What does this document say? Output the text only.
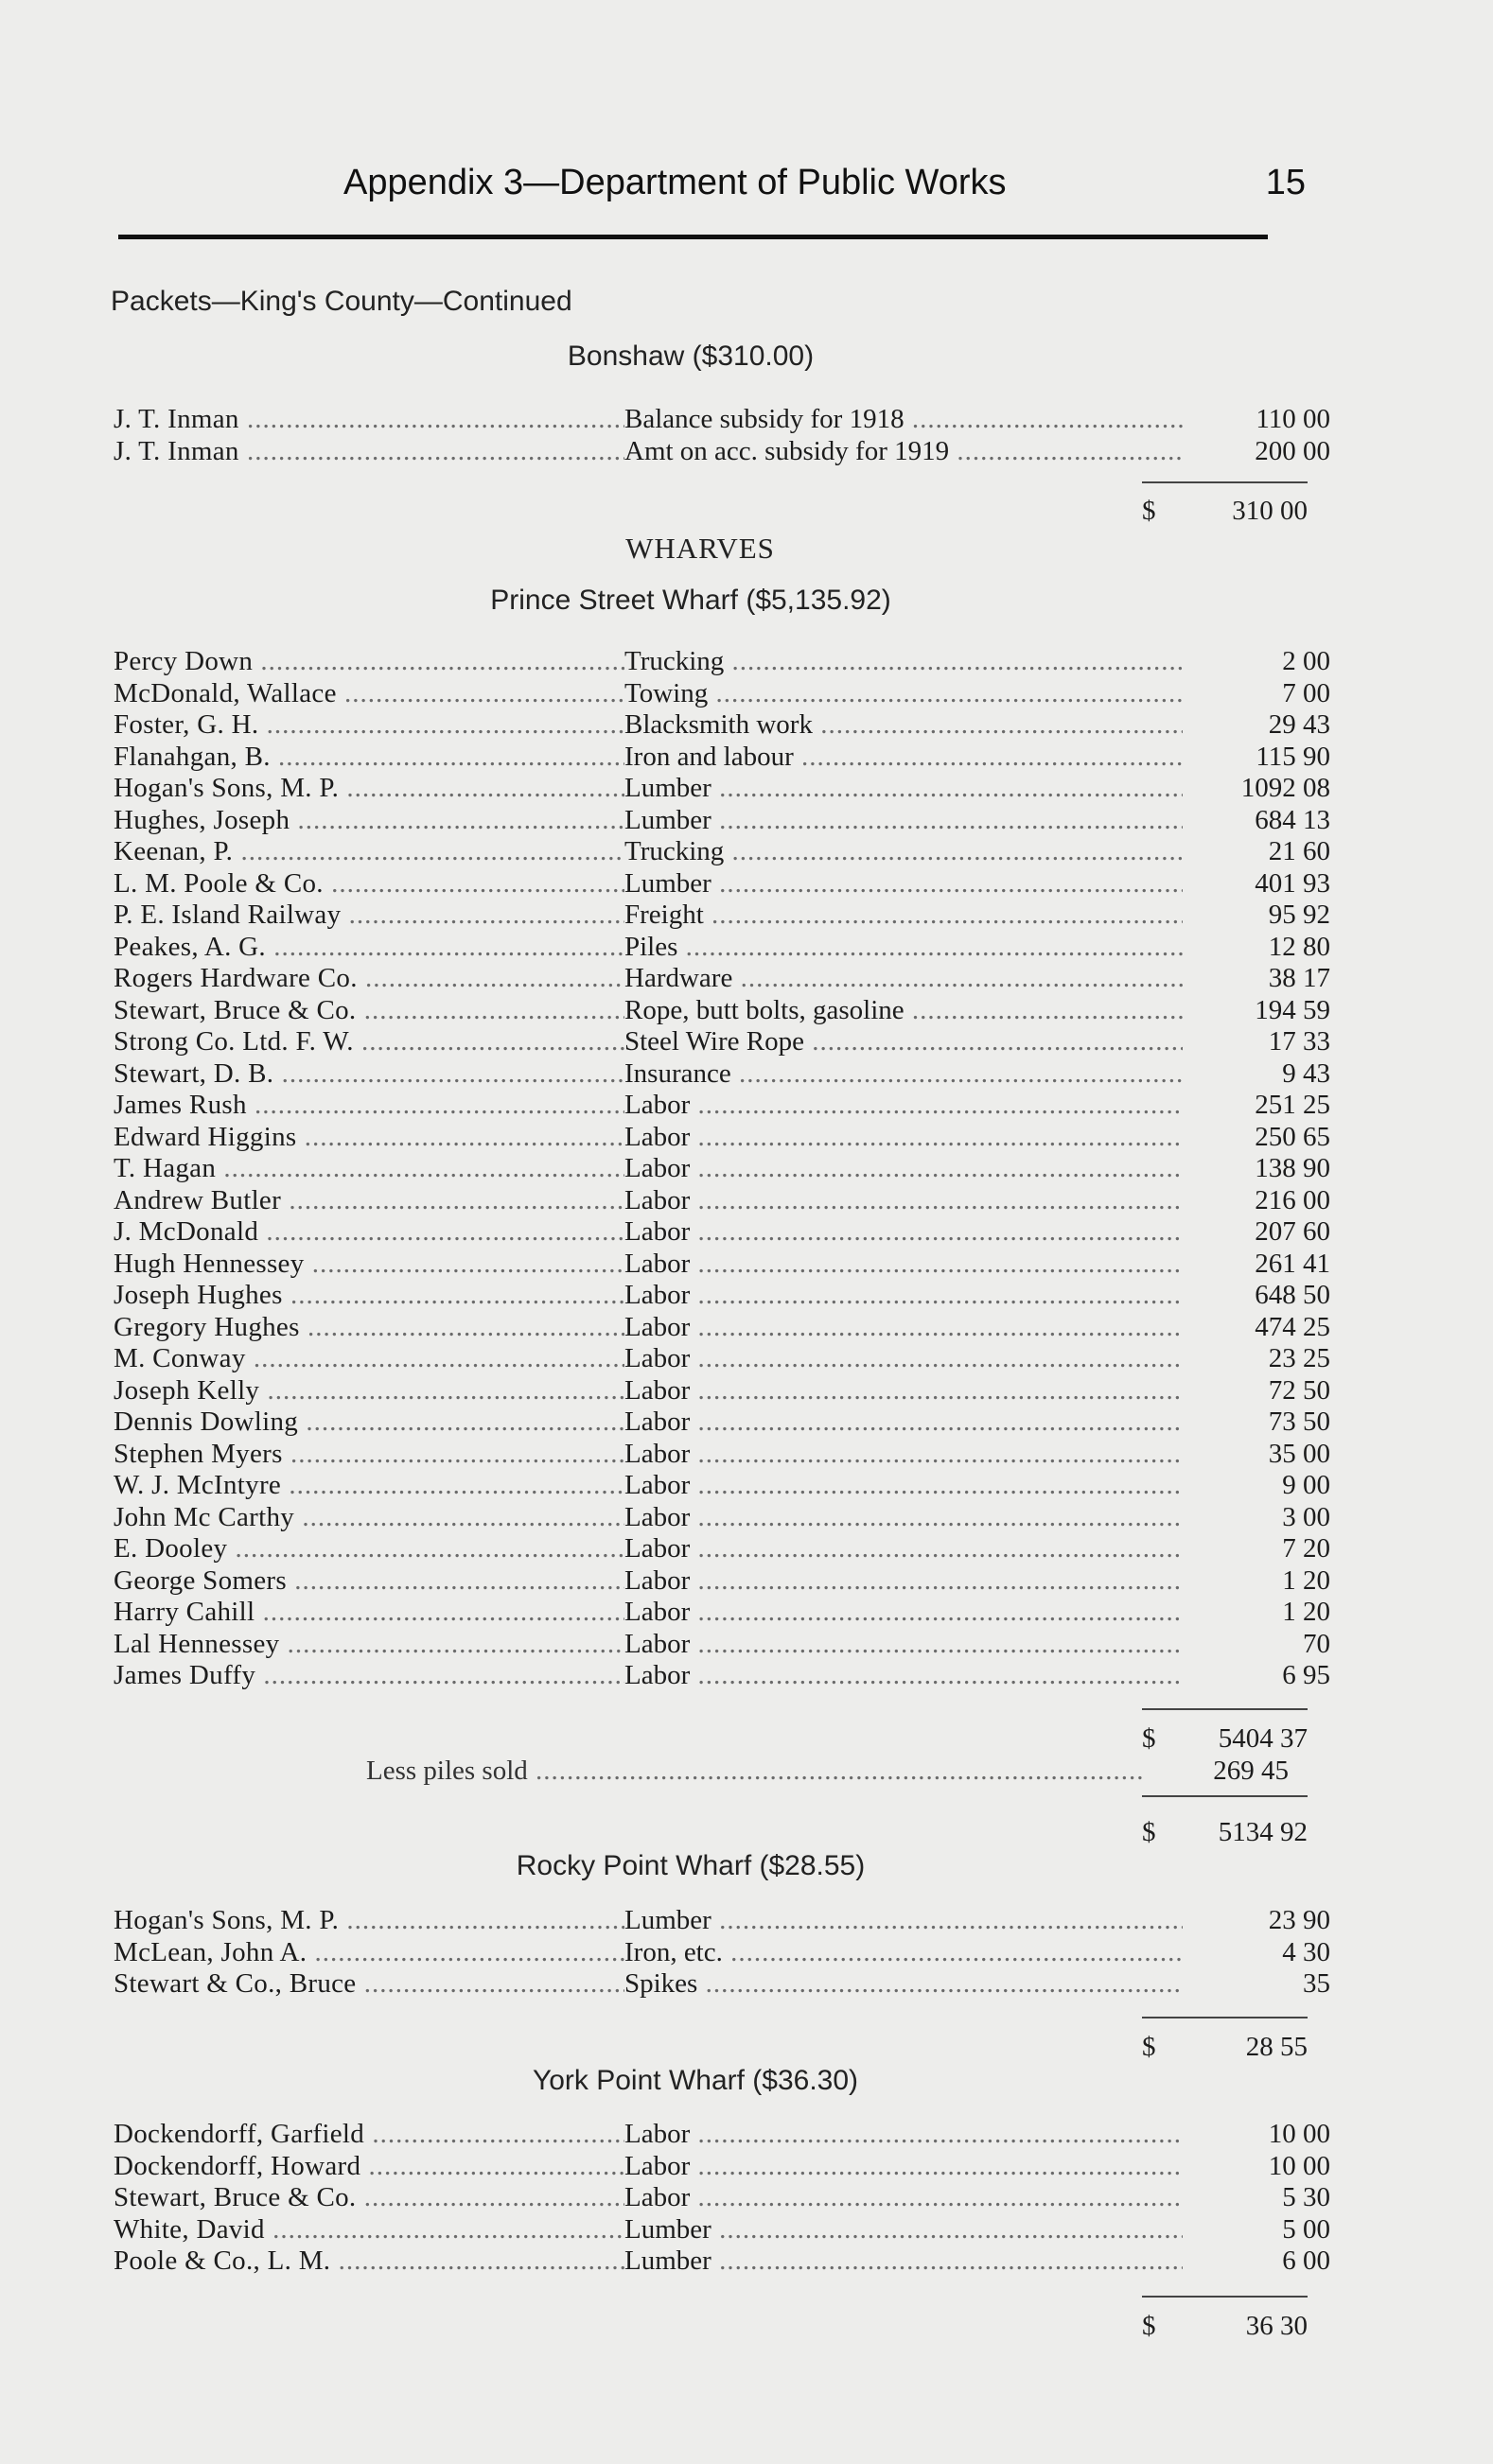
Appendix 3—Department of Public Works	15
Packets—King's County—Continued
Bonshaw ($310.00)
J. T. Inman .....	Balance subsidy for 1918 .....	110 00
J. T. Inman .....	Amt on acc. subsidy for 1919 .....	200 00
$	310 00
WHARVES
Prince Street Wharf ($5,135.92)
Percy Down .....	Trucking .....	2 00
McDonald, Wallace .....	Towing .....	7 00
Foster, G. H. .....	Blacksmith work .....	29 43
Flanahgan, B. .....	Iron and labour .....	115 90
Hogan's Sons, M. P. .....	Lumber .....	1092 08
Hughes, Joseph .....	Lumber .....	684 13
Keenan, P. .....	Trucking .....	21 60
L. M. Poole & Co. .....	Lumber .....	401 93
P. E. Island Railway .....	Freight .....	95 92
Peakes, A. G. .....	Piles .....	12 80
Rogers Hardware Co. .....	Hardware .....	38 17
Stewart, Bruce & Co. .....	Rope, butt bolts, gasoline .....	194 59
Strong Co. Ltd. F. W. .....	Steel Wire Rope .....	17 33
Stewart, D. B. .....	Insurance .....	9 43
James Rush .....	Labor .....	251 25
Edward Higgins .....	Labor .....	250 65
T. Hagan .....	Labor .....	138 90
Andrew Butler .....	Labor .....	216 00
J. McDonald .....	Labor .....	207 60
Hugh Hennessey .....	Labor .....	261 41
Joseph Hughes .....	Labor .....	648 50
Gregory Hughes .....	Labor .....	474 25
M. Conway .....	Labor .....	23 25
Joseph Kelly .....	Labor .....	72 50
Dennis Dowling .....	Labor .....	73 50
Stephen Myers .....	Labor .....	35 00
W. J. McIntyre .....	Labor .....	9 00
John Mc Carthy .....	Labor .....	3 00
E. Dooley .....	Labor .....	7 20
George Somers .....	Labor .....	1 20
Harry Cahill .....	Labor .....	1 20
Lal Hennessey .....	Labor .....	70
James Duffy .....	Labor .....	6 95
$	5404 37
Less piles sold .....	269 45
$	5134 92
Rocky Point Wharf ($28.55)
Hogan's Sons, M. P. .....	Lumber .....	23 90
McLean, John A. .....	Iron, etc. .....	4 30
Stewart & Co., Bruce .....	Spikes .....	35
$	28 55
York Point Wharf ($36.30)
Dockendorff, Garfield .....	Labor .....	10 00
Dockendorff, Howard .....	Labor .....	10 00
Stewart, Bruce & Co. .....	Labor .....	5 30
White, David .....	Lumber .....	5 00
Poole & Co., L. M. .....	Lumber .....	6 00
$	36 30
